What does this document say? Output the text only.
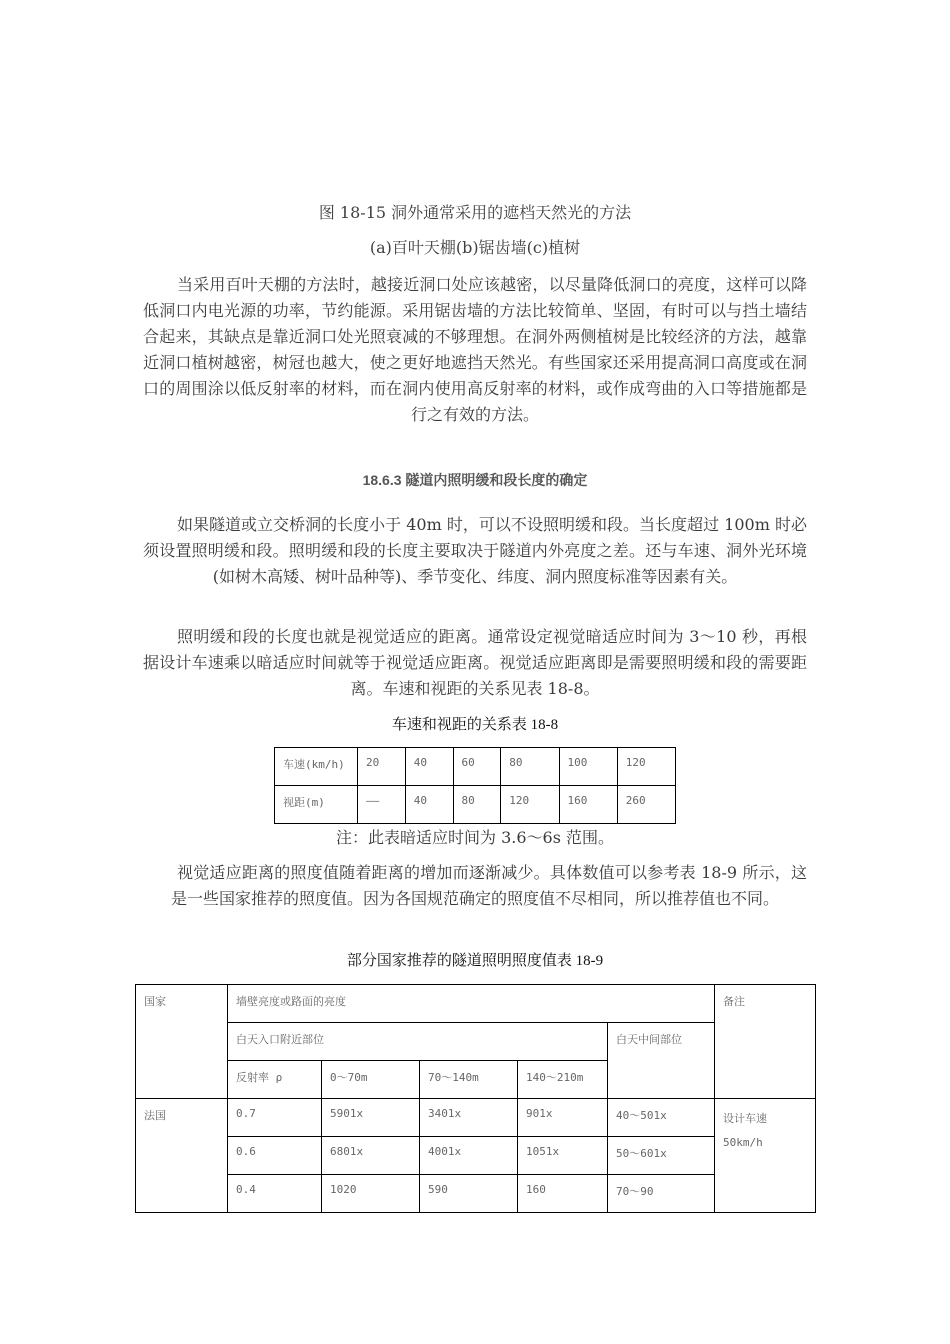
图 18-15 洞外通常采用的遮档天然光的方法
(a)百叶天棚(b)锯齿墙(c)植树
当采用百叶天棚的方法时，越接近洞口处应该越密，以尽量降低洞口的亮度，这样可以降低洞口内电光源的功率，节约能源。采用锯齿墙的方法比较简单、坚固，有时可以与挡土墙结合起来，其缺点是靠近洞口处光照衰减的不够理想。在洞外两侧植树是比较经济的方法，越靠近洞口植树越密，树冠也越大，使之更好地遮挡天然光。有些国家还采用提高洞口高度或在洞口的周围涂以低反射率的材料，而在洞内使用高反射率的材料，或作成弯曲的入口等措施都是行之有效的方法。
18.6.3 隧道内照明缓和段长度的确定
如果隧道或立交桥洞的长度小于 40m 时，可以不设照明缓和段。当长度超过 100m 时必须设置照明缓和段。照明缓和段的长度主要取决于隧道内外亮度之差。还与车速、洞外光环境(如树木高矮、树叶品种等)、季节变化、纬度、洞内照度标准等因素有关。
照明缓和段的长度也就是视觉适应的距离。通常设定视觉暗适应时间为 3～10 秒，再根据设计车速乘以暗适应时间就等于视觉适应距离。视觉适应距离即是需要照明缓和段的需要距离。车速和视距的关系见表 18-8。
车速和视距的关系表 18-8
车速(km/h)	20	40	60	80	100	120
视距(m)	——	40	80	120	160	260
注：此表暗适应时间为 3.6～6s 范围。
视觉适应距离的照度值随着距离的增加而逐渐减少。具体数值可以参考表 18-9 所示，这是一些国家推荐的照度值。因为各国规范确定的照度值不尽相同，所以推荐值也不同。
部分国家推荐的隧道照明照度值表 18-9
国家	墙壁亮度或路面的亮度					备注
	白天入口附近部位				白天中间部位	
	反射率 ρ	0～70m	70～140m	140～210m		
法国	0.7	5901x	3401x	901x	40～501x	设计车速 50km/h
	0.6	6801x	4001x	1051x	50～601x	
	0.4	1020	590	160	70～90	
